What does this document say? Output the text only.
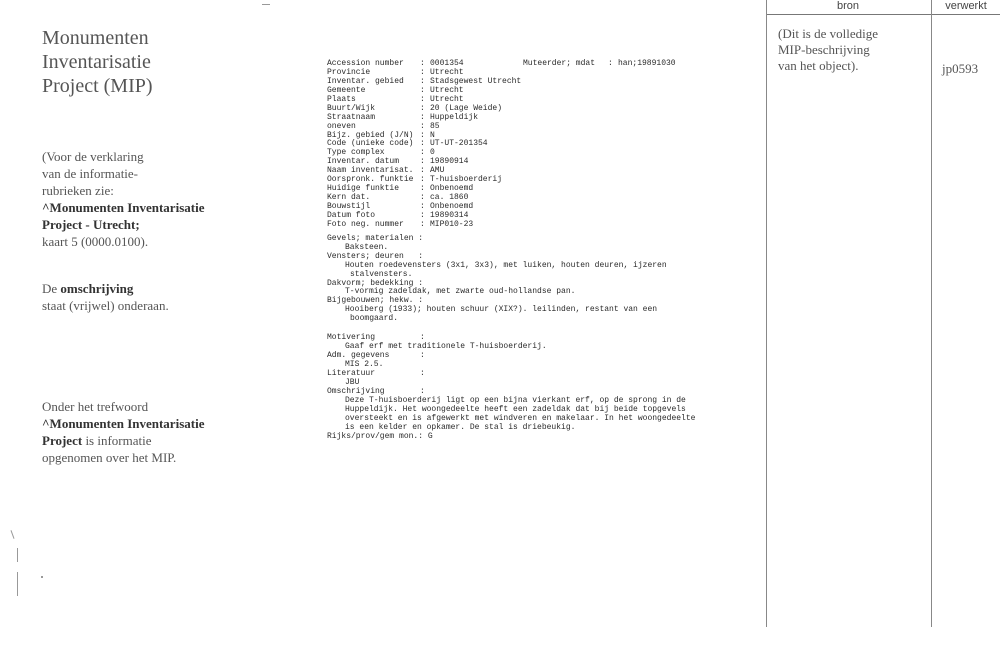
Monumenten
Inventarisatie
Project (MIP)
(Voor de verklaring
van de informatie-
rubrieken zie:
^Monumenten Inventarisatie
Project - Utrecht;
kaart 5 (0000.0100).
De omschrijving
staat (vrijwel) onderaan.
Onder het trefwoord
^Monumenten Inventarisatie
Project is informatie
opgenomen over het MIP.
Accession number	: 0001354	Muteerder; mdat	: han;19891030
Provincie	: Utrecht
Inventar. gebied	: Stadsgewest Utrecht
Gemeente	: Utrecht
Plaats	: Utrecht
Buurt/Wijk	: 20 (Lage Weide)
Straatnaam	: Huppeldijk
oneven	: 85
Bijz. gebied (J/N) : N
Code (unieke code) : UT-UT-201354
Type complex	: 0
Inventar. datum	: 19890914
Naam inventarisat. : AMU
Oorspronk. funktie : T-huisboerderij
Huidige funktie	: Onbenoemd
Kern dat.	: ca. 1860
Bouwstijl	: Onbenoemd
Datum foto	: 19890314
Foto neg. nummer	: MIP010-23
Gevels; materialen :
Baksteen.
Vensters; deuren   :
Houten roedevensters (3x1, 3x3), met luiken, houten deuren, ijzeren
stalvensters.
Dakvorm; bedekking :
T-vormig zadeldak, met zwarte oud-hollandse pan.
Bijgebouwen; hekw. :
Hooiberg (1933); houten schuur (XIX?). leilinden, restant van een
boomgaard.
Motivering	:
Gaaf erf met traditionele T-huisboerderij.
Adm. gegevens	:
MIS 2.5.
Literatuur	:
JBU
Omschrijving	:
Deze T-huisboerderij ligt op een bijna vierkant erf, op de sprong in de
Huppeldijk. Het woongedeelte heeft een zadeldak dat bij beide topgevels
oversteekt en is afgewerkt met windveren en makelaar. In het woongedeelte
is een kelder en opkamer. De stal is driebeukig.
Rijks/prov/gem mon.:
G
bron	verwerkt
(Dit is de volledige
MIP-beschrijving
van het object).	jp0593
